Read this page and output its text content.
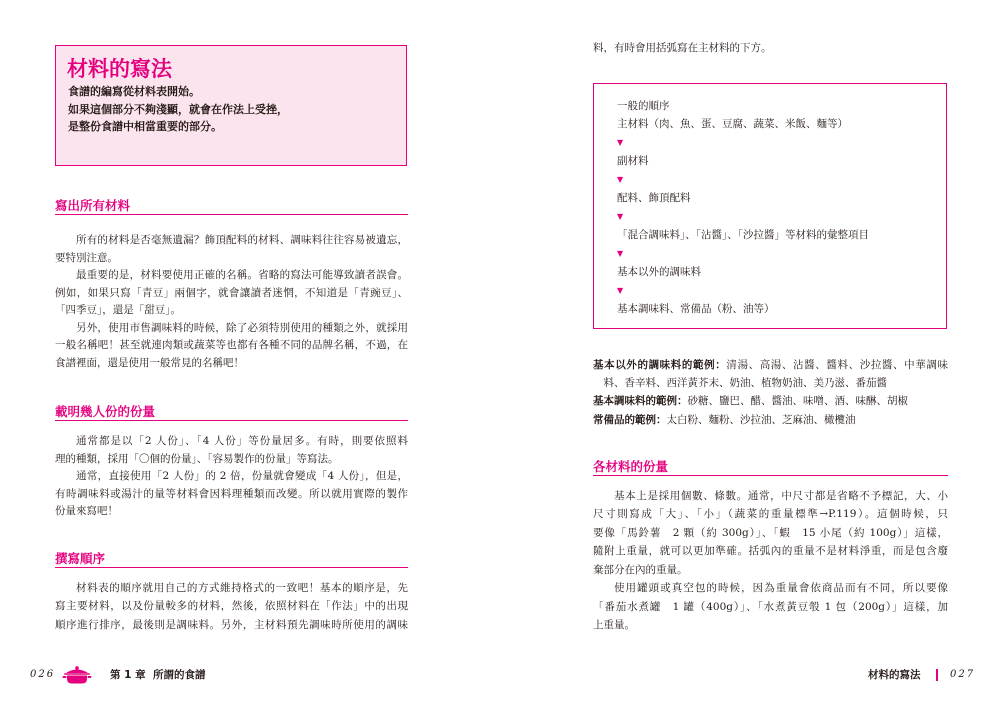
材料的寫法
食譜的編寫從材料表開始。
如果這個部分不夠淺顯，就會在作法上受挫，
是整份食譜中相當重要的部分。
寫出所有材料
所有的材料是否毫無遺漏？飾頂配料的材料、調味料往往容易被遺忘，
要特別注意。
最重要的是，材料要使用正確的名稱。省略的寫法可能導致讀者誤會。
例如，如果只寫「青豆」兩個字，就會讓讀者迷惘，不知道是「青豌豆」、
「四季豆」，還是「甜豆」。
另外，使用市售調味料的時候，除了必須特別使用的種類之外，就採用
一般名稱吧！甚至就連肉類或蔬菜等也都有各種不同的品牌名稱，不過，在
食譜裡面，還是使用一般常見的名稱吧！
載明幾人份的份量
通常都是以「2 人份」、「4 人份」等份量居多。有時，則要依照料
理的種類，採用「〇個的份量」、「容易製作的份量」等寫法。
通常，直接使用「2 人份」的 2 倍，份量就會變成「4 人份」，但是，
有時調味料或湯汁的量等材料會因料理種類而改變。所以就用實際的製作
份量來寫吧！
撰寫順序
材料表的順序就用自己的方式維持格式的一致吧！基本的順序是，先
寫主要材料，以及份量較多的材料，然後，依照材料在「作法」中的出現
順序進行排序，最後則是調味料。另外，主材料預先調味時所使用的調味
026	第 1 章 所謂的食譜
料，有時會用括弧寫在主材料的下方。
一般的順序
主材料（肉、魚、蛋、豆腐、蔬菜、米飯、麵等）
▼
副材料
▼
配料、飾頂配料
▼
「混合調味料」、「沾醬」、「沙拉醬」等材料的彙整項目
▼
基本以外的調味料
▼
基本調味料、常備品（粉、油等）
基本以外的調味料的範例：清湯、高湯、沾醬、醬料、沙拉醬、中華調味
料、香辛料、西洋黃芥末、奶油、植物奶油、美乃滋、番茄醬
基本調味料的範例：砂糖、鹽巴、醋、醬油、味噌、酒、味醂、胡椒
常備品的範例：太白粉、麵粉、沙拉油、芝麻油、橄欖油
各材料的份量
基本上是採用個數、條數。通常，中尺寸都是省略不予標記，大、小
尺寸則寫成「大」、「小」（蔬菜的重量標準→P.119）。這個時候，只
要像「馬鈴薯　2 顆（約 300g）」、「蝦　15 小尾（約 100g）」這樣，
隨附上重量，就可以更加準確。括弧內的重量不是材料淨重，而是包含廢
棄部分在內的重量。
使用罐頭或真空包的時候，因為重量會依商品而有不同，所以要像
「番茄水煮罐　1 罐（400g）」、「水煮黃豆彀 1 包（200g）」這樣，加
上重量。
材料的寫法	027
